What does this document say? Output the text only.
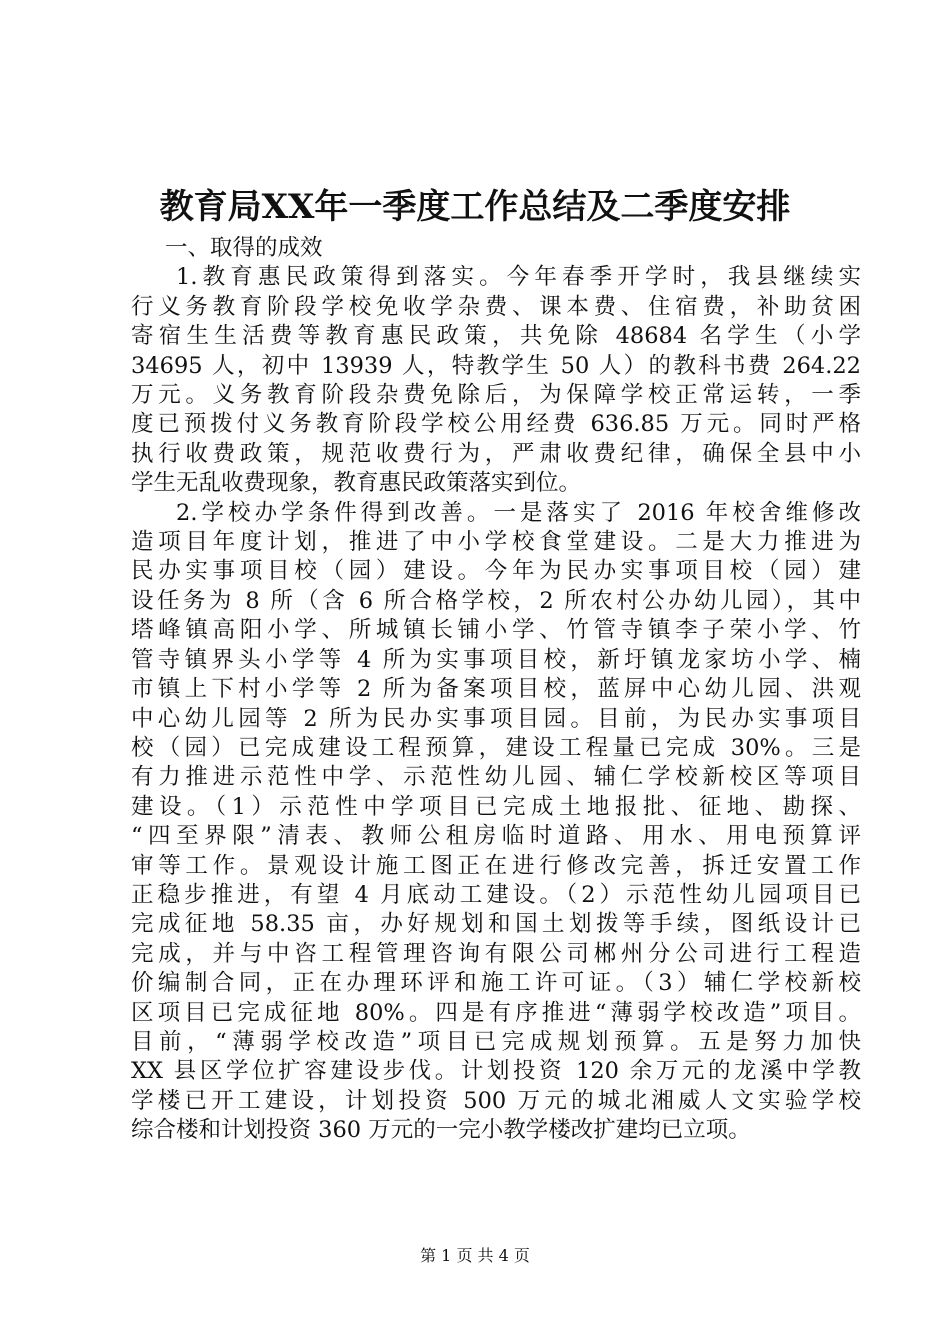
教育局XX年一季度工作总结及二季度安排
一、取得的成效
1.教育惠民政策得到落实。今年春季开学时，我县继续实
行义务教育阶段学校免收学杂费、课本费、住宿费，补助贫困
寄宿生生活费等教育惠民政策，共免除 48684 名学生（小学
34695 人，初中 13939 人，特教学生 50 人）的教科书费 264.22
万元。义务教育阶段杂费免除后，为保障学校正常运转，一季
度已预拨付义务教育阶段学校公用经费 636.85 万元。同时严格
执行收费政策，规范收费行为，严肃收费纪律，确保全县中小
学生无乱收费现象，教育惠民政策落实到位。
2.学校办学条件得到改善。一是落实了 2016 年校舍维修改
造项目年度计划，推进了中小学校食堂建设。二是大力推进为
民办实事项目校（园）建设。今年为民办实事项目校（园）建
设任务为 8 所（含 6 所合格学校，2 所农村公办幼儿园），其中
塔峰镇高阳小学、所城镇长铺小学、竹管寺镇李子荣小学、竹
管寺镇界头小学等 4 所为实事项目校，新圩镇龙家坊小学、楠
市镇上下村小学等 2 所为备案项目校，蓝屏中心幼儿园、洪观
中心幼儿园等 2 所为民办实事项目园。目前，为民办实事项目
校（园）已完成建设工程预算，建设工程量已完成 30%。三是
有力推进示范性中学、示范性幼儿园、辅仁学校新校区等项目
建设。（1）示范性中学项目已完成土地报批、征地、勘探、
“四至界限”清表、教师公租房临时道路、用水、用电预算评
审等工作。景观设计施工图正在进行修改完善，拆迁安置工作
正稳步推进，有望 4 月底动工建设。（2）示范性幼儿园项目已
完成征地 58.35 亩，办好规划和国土划拨等手续，图纸设计已
完成，并与中咨工程管理咨询有限公司郴州分公司进行工程造
价编制合同，正在办理环评和施工许可证。（3）辅仁学校新校
区项目已完成征地 80%。四是有序推进“薄弱学校改造”项目。
目前，“薄弱学校改造”项目已完成规划预算。五是努力加快
XX 县区学位扩容建设步伐。计划投资 120 余万元的龙溪中学教
学楼已开工建设，计划投资 500 万元的城北湘威人文实验学校
综合楼和计划投资 360 万元的一完小教学楼改扩建均已立项。
第 1 页 共 4 页
